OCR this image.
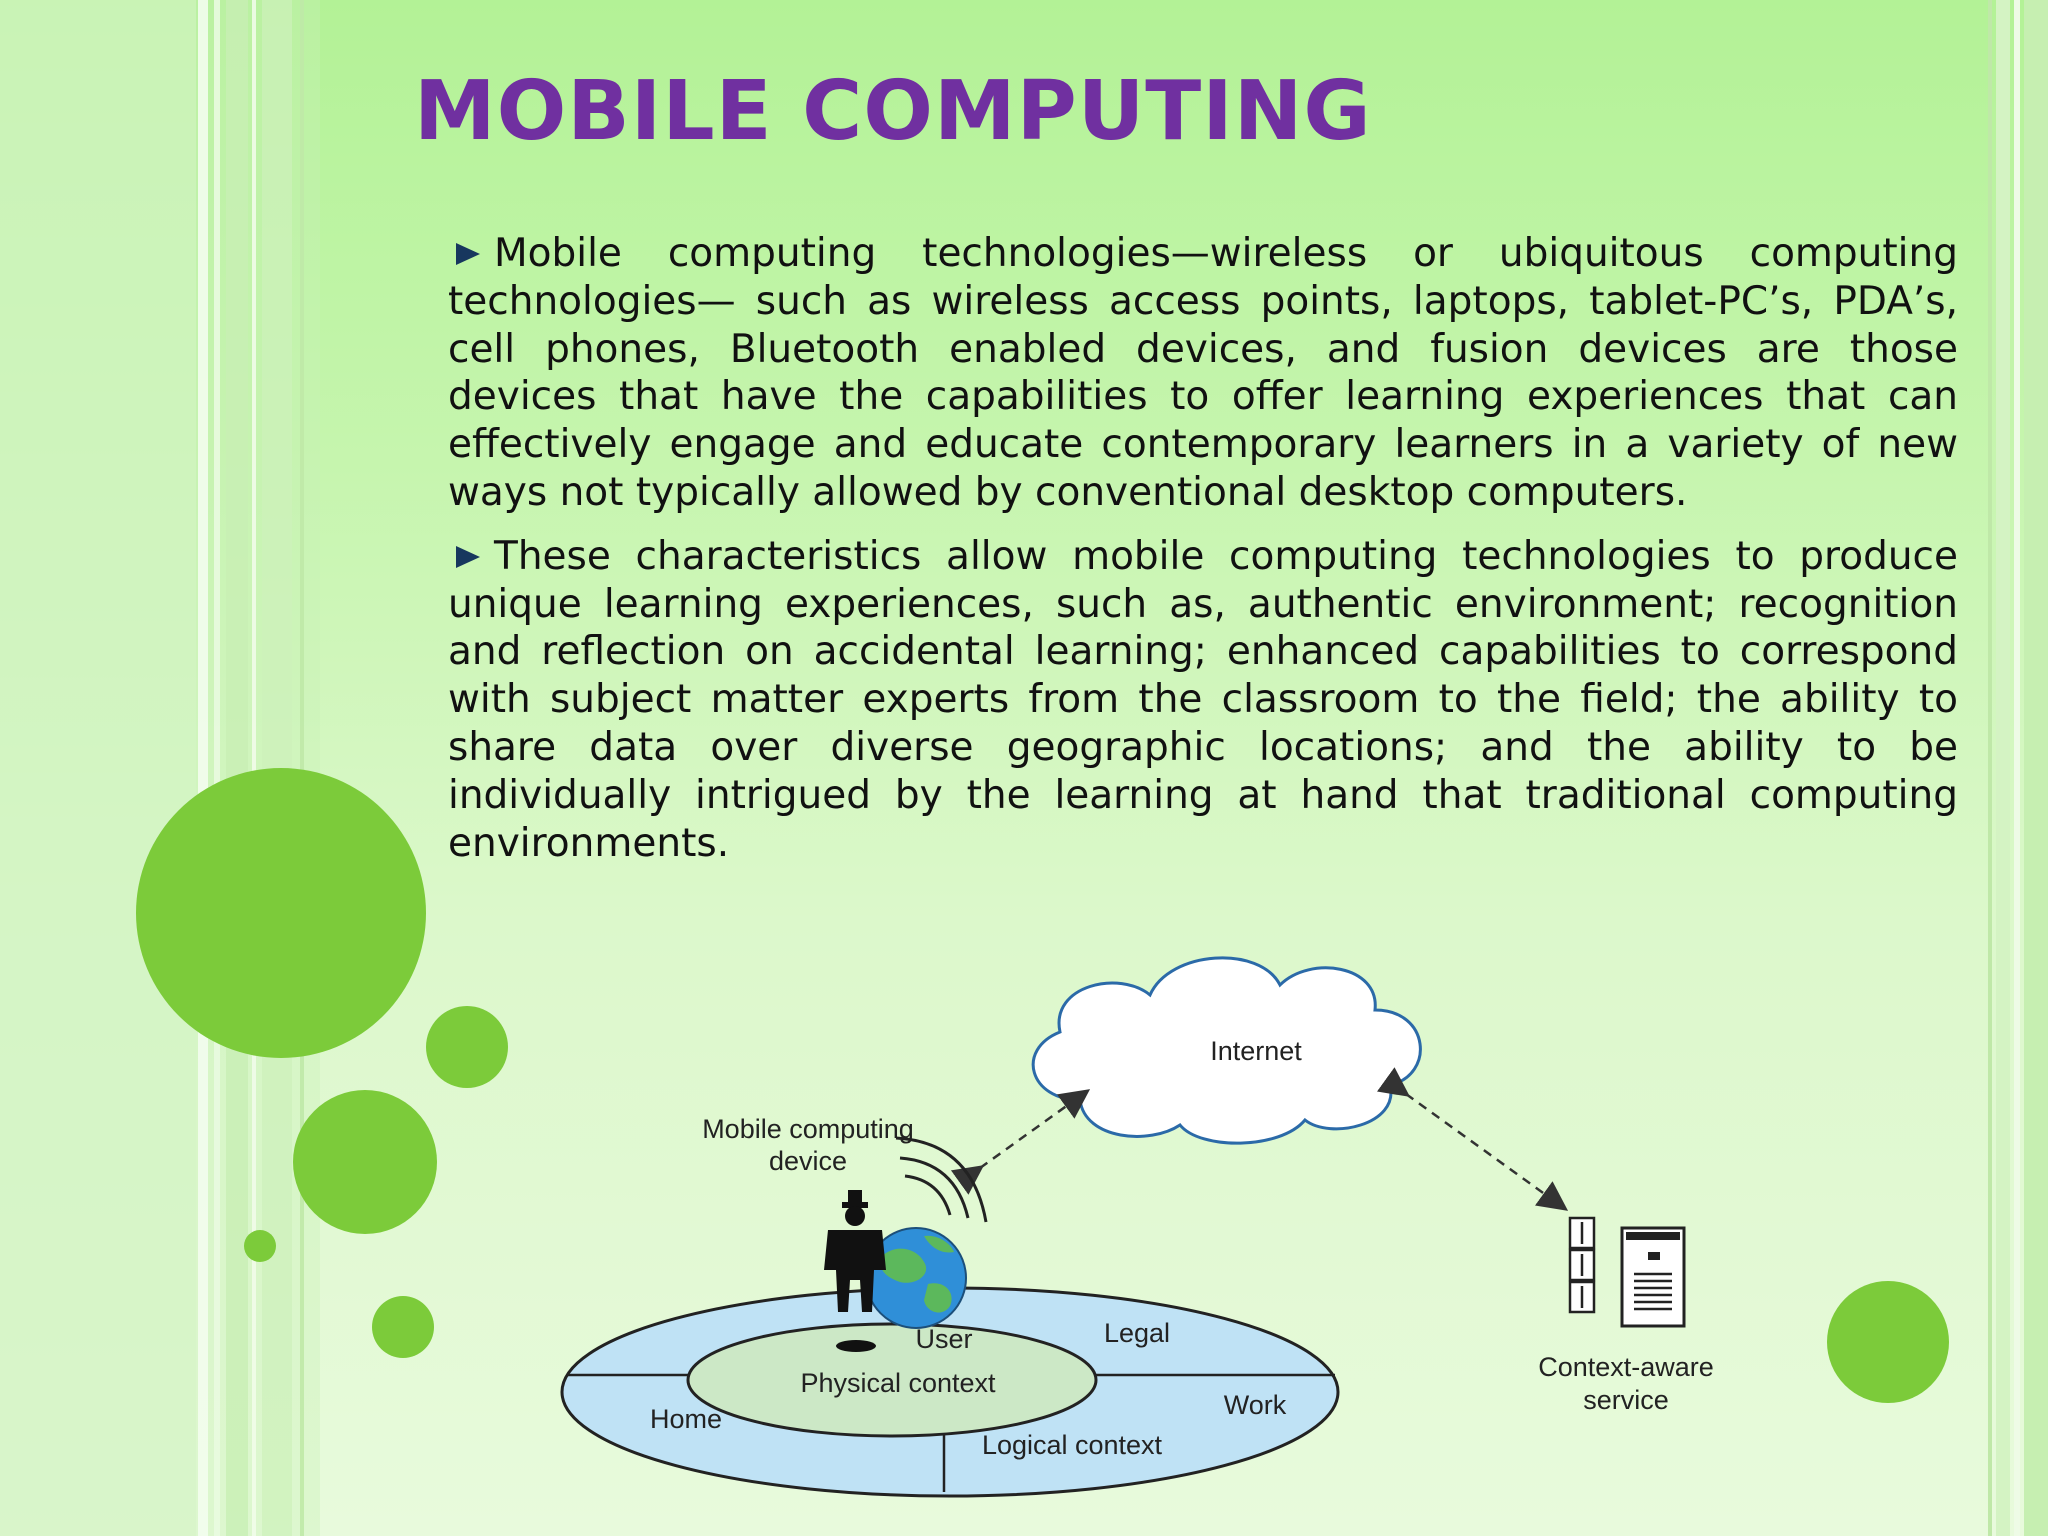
MOBILE COMPUTING

Mobile computing technologies—wireless or ubiquitous computing technologies— such as wireless access points, laptops, tablet-PC’s, PDA’s, cell phones, Bluetooth enabled devices, and fusion devices are those devices that have the capabilities to offer learning experiences that can effectively engage and educate contemporary learners in a variety of new ways not typically allowed by conventional desktop computers.

These characteristics allow mobile computing technologies to produce unique learning experiences, such as, authentic environment; recognition and reflection on accidental learning; enhanced capabilities to correspond with subject matter experts from the classroom to the field; the ability to share data over diverse geographic locations; and the ability to be individually intrigued by the learning at hand that traditional computing environments.

Internet
Mobile computing
device
User
Physical context
Legal
Work
Home
Logical context
Context-aware
service
